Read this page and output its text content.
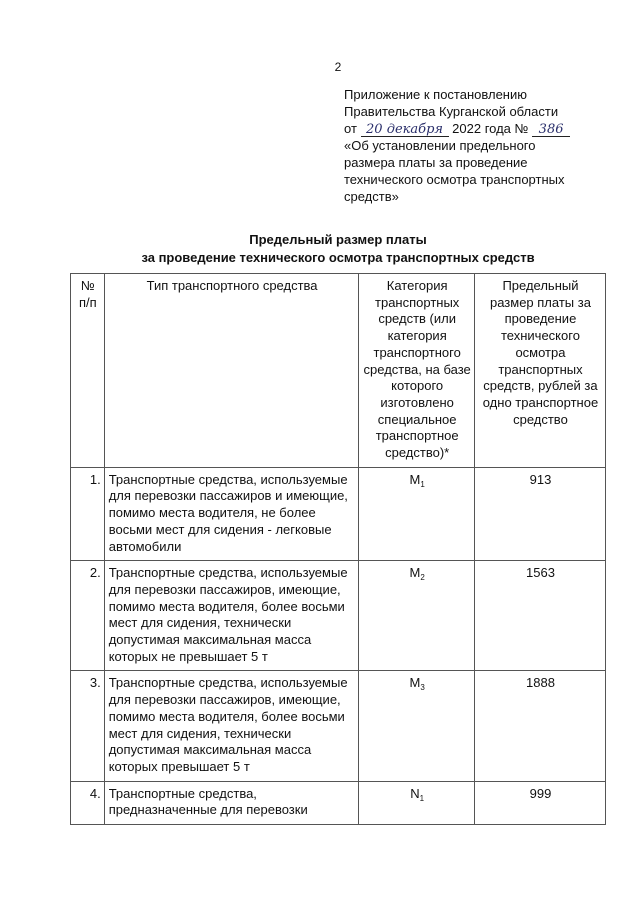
2
Приложение к постановлению
Правительства Курганской области
от 20 декабря 2022 года № 386
«Об установлении предельного
размера платы за проведение
технического осмотра транспортных
средств»
Предельный размер платы
за проведение технического осмотра транспортных средств
№ п/п	Тип транспортного средства	Категория транспортных средств (или категория транспортного средства, на базе которого изготовлено специальное транспортное средство)*	Предельный размер платы за проведение технического осмотра транспортных средств, рублей за одно транспортное средство
1.	Транспортные средства, используемые для перевозки пассажиров и имеющие, помимо места водителя, не более восьми мест для сидения - легковые автомобили	$М_1$	913
2.	Транспортные средства, используемые для перевозки пассажиров, имеющие, помимо места водителя, более восьми мест для сидения, технически допустимая максимальная масса которых не превышает 5 т	$М_2$	1563
3.	Транспортные средства, используемые для перевозки пассажиров, имеющие, помимо места водителя, более восьми мест для сидения, технически допустимая максимальная масса которых превышает 5 т	$М_3$	1888
4.	Транспортные средства, предназначенные для перевозки	$N_1$	999
